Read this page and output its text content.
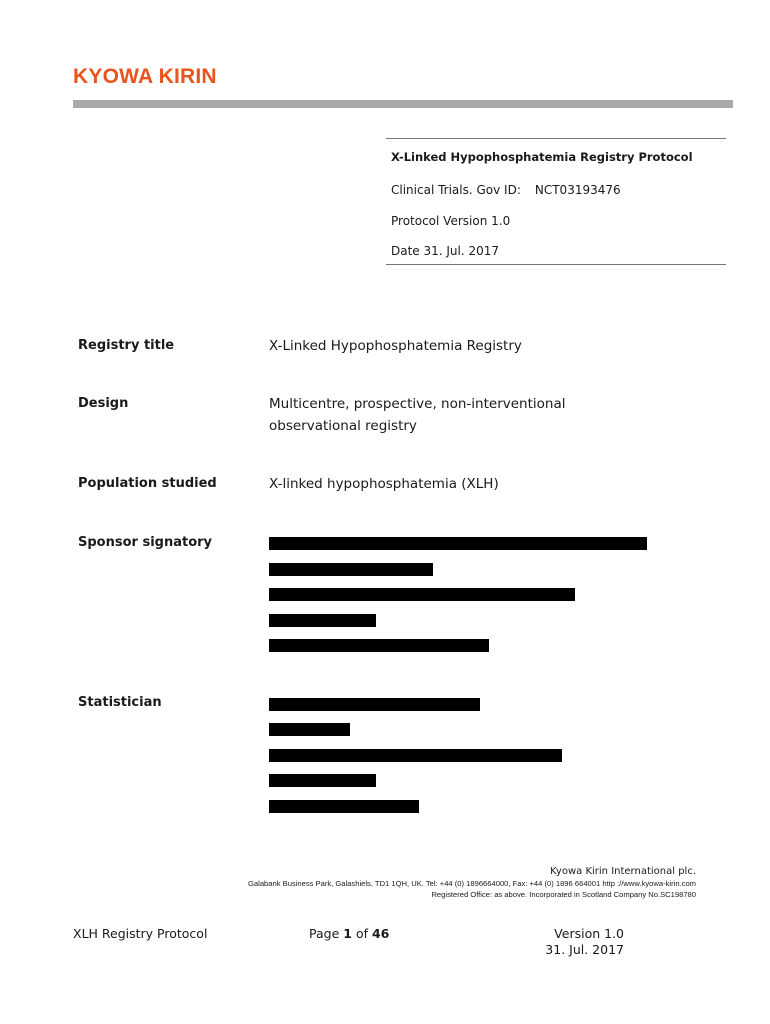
KYOWA KIRIN
X-Linked Hypophosphatemia Registry Protocol
Clinical Trials. Gov ID: NCT03193476
Protocol Version 1.0
Date 31. Jul. 2017
Registry title	X-Linked Hypophosphatemia Registry
Design	Multicentre, prospective, non-interventional
observational registry
Population studied	X-linked hypophosphatemia (XLH)
Sponsor signatory
Statistician
Kyowa Kirin International plc.
Galabank Business Park, Galashiels, TD1 1QH, UK. Tel: +44 (0) 1896664000, Fax: +44 (0) 1896 664001 http ://www.kyowa-kirin.com
Registered Office: as above. Incorporated in Scotland Company No.SC198780
XLH Registry Protocol	Page 1 of 46	Version 1.0
31. Jul. 2017
